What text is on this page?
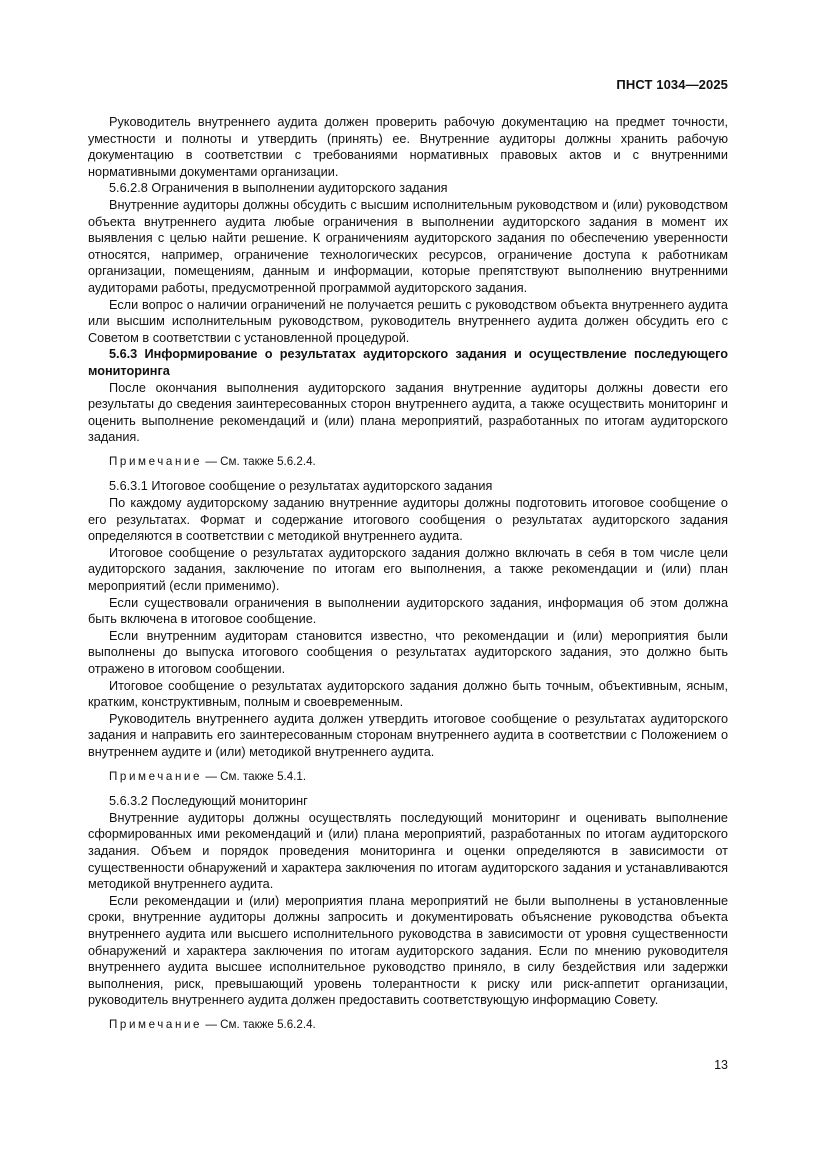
ПНСТ 1034—2025

Руководитель внутреннего аудита должен проверить рабочую документацию на предмет точности, уместности и полноты и утвердить (принять) ее. Внутренние аудиторы должны хранить рабочую документацию в соответствии с требованиями нормативных правовых актов и с внутренними нормативными документами организации.

5.6.2.8 Ограничения в выполнении аудиторского задания

Внутренние аудиторы должны обсудить с высшим исполнительным руководством и (или) руководством объекта внутреннего аудита любые ограничения в выполнении аудиторского задания в момент их выявления с целью найти решение. К ограничениям аудиторского задания по обеспечению уверенности относятся, например, ограничение технологических ресурсов, ограничение доступа к работникам организации, помещениям, данным и информации, которые препятствуют выполнению внутренними аудиторами работы, предусмотренной программой аудиторского задания.

Если вопрос о наличии ограничений не получается решить с руководством объекта внутреннего аудита или высшим исполнительным руководством, руководитель внутреннего аудита должен обсудить его с Советом в соответствии с установленной процедурой.

5.6.3 Информирование о результатах аудиторского задания и осуществление последующего мониторинга

После окончания выполнения аудиторского задания внутренние аудиторы должны довести его результаты до сведения заинтересованных сторон внутреннего аудита, а также осуществить мониторинг и оценить выполнение рекомендаций и (или) плана мероприятий, разработанных по итогам аудиторского задания.

Примечание — См. также 5.6.2.4.

5.6.3.1 Итоговое сообщение о результатах аудиторского задания

По каждому аудиторскому заданию внутренние аудиторы должны подготовить итоговое сообщение о его результатах. Формат и содержание итогового сообщения о результатах аудиторского задания определяются в соответствии с методикой внутреннего аудита.

Итоговое сообщение о результатах аудиторского задания должно включать в себя в том числе цели аудиторского задания, заключение по итогам его выполнения, а также рекомендации и (или) план мероприятий (если применимо).

Если существовали ограничения в выполнении аудиторского задания, информация об этом должна быть включена в итоговое сообщение.

Если внутренним аудиторам становится известно, что рекомендации и (или) мероприятия были выполнены до выпуска итогового сообщения о результатах аудиторского задания, это должно быть отражено в итоговом сообщении.

Итоговое сообщение о результатах аудиторского задания должно быть точным, объективным, ясным, кратким, конструктивным, полным и своевременным.

Руководитель внутреннего аудита должен утвердить итоговое сообщение о результатах аудиторского задания и направить его заинтересованным сторонам внутреннего аудита в соответствии с Положением о внутреннем аудите и (или) методикой внутреннего аудита.

Примечание — См. также 5.4.1.

5.6.3.2 Последующий мониторинг

Внутренние аудиторы должны осуществлять последующий мониторинг и оценивать выполнение сформированных ими рекомендаций и (или) плана мероприятий, разработанных по итогам аудиторского задания. Объем и порядок проведения мониторинга и оценки определяются в зависимости от существенности обнаружений и характера заключения по итогам аудиторского задания и устанавливаются методикой внутреннего аудита.

Если рекомендации и (или) мероприятия плана мероприятий не были выполнены в установленные сроки, внутренние аудиторы должны запросить и документировать объяснение руководства объекта внутреннего аудита или высшего исполнительного руководства в зависимости от уровня существенности обнаружений и характера заключения по итогам аудиторского задания. Если по мнению руководителя внутреннего аудита высшее исполнительное руководство приняло, в силу бездействия или задержки выполнения, риск, превышающий уровень толерантности к риску или риск-аппетит организации, руководитель внутреннего аудита должен предоставить соответствующую информацию Совету.

Примечание — См. также 5.6.2.4.

13
